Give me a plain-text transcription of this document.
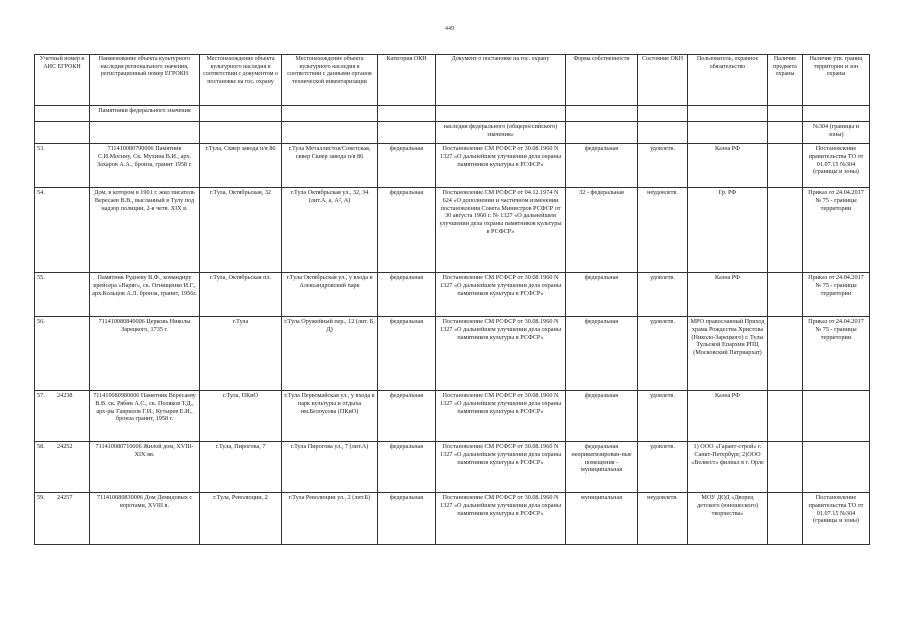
449
Учетный номер в АИС ЕГРОКН	Наименование объекта культурного наследия регионального значения, регистрационный номер ЕГРОКН	Местонахождение объекта культурного наследия в соответствии с документом о постановке на гос. охрану	Местонахождение объекта культурного наследия в соответствии с данными органов технической инвентаризации	Категория ОКН	Документ о постановке на гос. охрану	Форма собственности	Состояние ОКН	Пользователь, охранное обязательство	Наличие предмета охраны	Наличие утв. границ территории и зон охраны
	Памятники федерального значения									
					наследия федерального (общероссийского) значения»					№304 (границы и зоны)
53.	711410080790006 Памятник С.И.Мосину, Ск. Мухина В.И., арх. Захаров А.А., бронза, гранит 1958 г.	г.Тула, Сквер завода п/я 86	г.Тула Металлистов/Советская, сквер Сквер завода п/я 86	федеральная	Постановление СМ РСФСР от 30.08.1960 N 1327 «О дальнейшем улучшении дела охраны памятников культуры в РСФСР»	федеральная	удовлетв.	Казна РФ		Постановление правительства ТО от 01.07.15 №304 (границы и зоны)
54.	Дом, в котором в 1901 г. жил писатель Вересаев В.В., высланный в Тулу под надзор полиции, 2-я четв. XIX в.	г.Тула, Октябрьская, 32	г.Тула Октябрьская ул., 32, 34 (лит.А, а, А², А)	федеральная	Постановление СМ РСФСР от 04.12.1974 N 624 «О дополнении и частичном изменении постановления Совета Министров РСФСР от 30 августа 1960 г. № 1327 «О дальнейшем улучшении дела охраны памятников культуры в РСФСР»	32 - федеральная	неудовлетв.	Гр. РФ		Приказ от 24.04.2017 № 75 - границы территории
55.	Памятник Рудневу В.Ф., командиру крейсера «Варяг», ск. Огнищенко И.Г., арх.Кольцов А.Л. бронза, гранит, 1956г.	г.Тула, Октябрьская пл.	г.Тула Октябрьская ул., у входа в Александровский парк	федеральная	Постановление СМ РСФСР от 30.08.1960 N 1327 «О дальнейшем улучшении дела охраны памятников культуры в РСФСР»	федеральная	удовлетв.	Казна РФ		Приказ от 24.04.2017 № 75 - границы территории
56.	711410080840006 Церковь Николы Зарецкого, 1735 г.	г.Тула	г.Тула Оружейный пер., 12 (лит. Б, Д)	федеральная	Постановление СМ РСФСР от 30.08.1960 N 1327 «О дальнейшем улучшении дела охраны памятников культуры в РСФСР»	федеральная	удовлетв.	МРО православный Приход храма Рождества Христова (Николо-Зарецкого) г. Тулы Тульской Епархии РПЦ (Московский Патриархат)		Приказ от 24.04.2017 № 75 - границы территории
57. 24238	711410080980006 Памятник Вересаеву В.В. ск. Рябин А.С., ск. Поляков Т.Д., арх-ры Гаврилов Г.И., Кутырев Е.И., бронза гранит, 1958 г.	г.Тула, ПКиО	г.Тула Первомайская ул., у входа в парк культуры и отдыха им.Белоусова (ПКиО)	федеральная	Постановление СМ РСФСР от 30.08.1960 N 1327 «О дальнейшем улучшении дела охраны памятников культуры в РСФСР»	федеральная	удовлетв.	Казна РФ		
58. 24252	711410080710006 Жилой дом, XVIII- XIX вв.	г.Тула, Пирогова, 7	г.Тула Пирогова ул., 7 (лит.А)	федеральная	Постановление СМ РСФСР от 30.08.1960 N 1327 «О дальнейшем улучшении дела охраны памятников культуры в РСФСР»	федеральная неприватизирован-ные помещения - муниципальная	удовлетв.	1) ООО «Гарант-строй» г. Санкт-Петербург, 2)ООО «Велвест» филиал в г. Орле		
59. 24257	711410080830006 Дом Демидовых с воротами, XVIII в.	г.Тула, Революции, 2	г.Тула Революции ул., 2 (лит.Б)	федеральная	Постановление СМ РСФСР от 30.08.1960 N 1327 «О дальнейшем улучшении дела охраны памятников культуры в РСФСР»	муниципальная	неудовлетв.	МОУ ДОД «Дворец детского (юношеского) творчества»		Постановление правительства ТО от 01.07.15 №304 (границы и зоны)
